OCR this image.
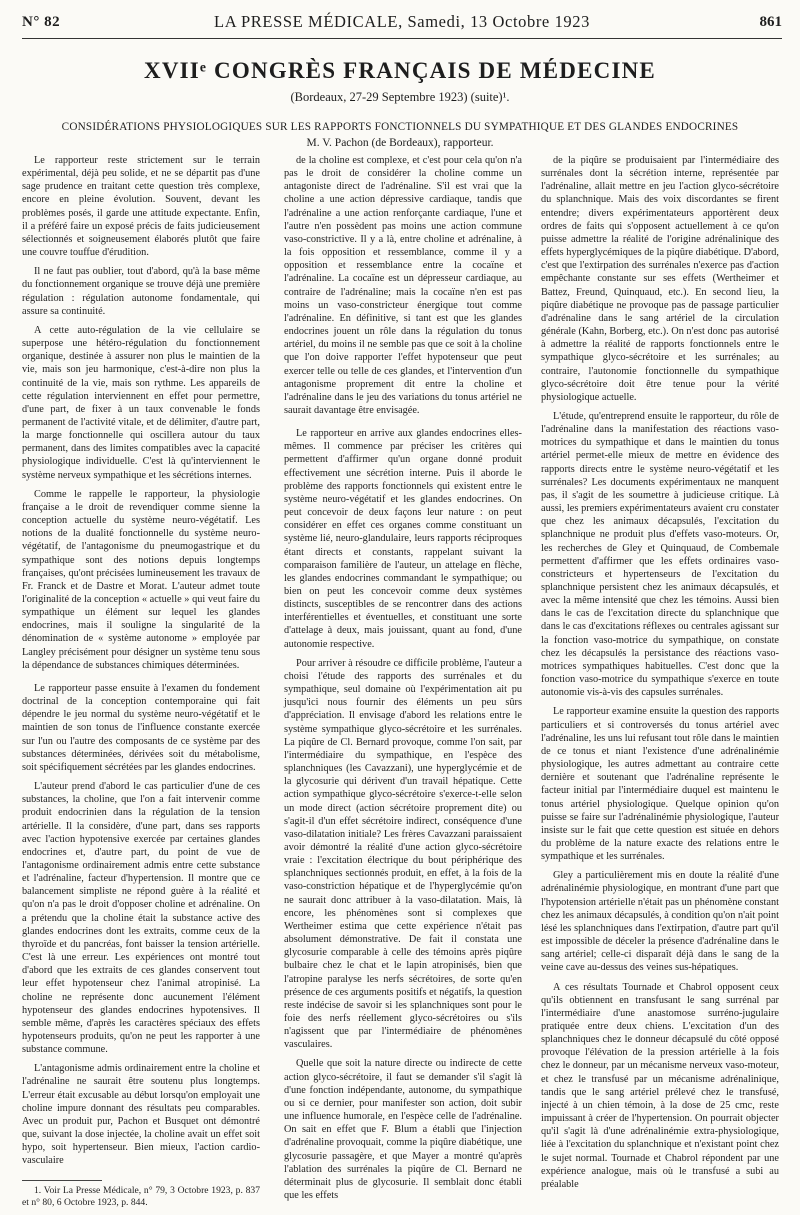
N° 82	LA PRESSE MÉDICALE, Samedi, 13 Octobre 1923	861
XVIIᵉ CONGRÈS FRANÇAIS DE MÉDECINE
(Bordeaux, 27-29 Septembre 1923) (suite)¹.
CONSIDÉRATIONS PHYSIOLOGIQUES SUR LES RAPPORTS FONCTIONNELS DU SYMPATHIQUE ET DES GLANDES ENDOCRINES
M. V. Pachon (de Bordeaux), rapporteur.

Le rapporteur reste strictement sur le terrain expérimental, déjà peu solide, et ne se départit pas d'une sage prudence en traitant cette question très complexe, encore en pleine évolution. Souvent, devant les problèmes posés, il garde une attitude expectante. Enfin, il a préféré faire un exposé précis de faits judicieusement sélectionnés et soigneusement élaborés plutôt que faire une couvre touffue d'érudition.

Il ne faut pas oublier, tout d'abord, qu'à la base même du fonctionnement organique se trouve déjà une première régulation : régulation autonome fondamentale, qui assure sa continuité.

A cette auto-régulation de la vie cellulaire se superpose une hétéro-régulation du fonctionnement organique, destinée à assurer non plus le maintien de la vie, mais son jeu harmonique, c'est-à-dire non plus la continuité de la vie, mais son rythme. Les appareils de cette régulation interviennent en effet pour permettre, d'une part, de fixer à un taux convenable le fonds permanent de l'activité vitale, et de délimiter, d'autre part, la marge fonctionnelle qui oscillera autour du taux permanent, dans des limites compatibles avec la capacité physiologique individuelle. C'est là qu'interviennent le système nerveux sympathique et les sécrétions internes.

Comme le rappelle le rapporteur, la physiologie française a le droit de revendiquer comme sienne la conception actuelle du système neuro-végétatif. Les notions de la dualité fonctionnelle du système neuro-végétatif, de l'antagonisme du pneumogastrique et du sympathique sont des notions depuis longtemps françaises, qu'ont précisées lumineusement les travaux de Fr. Franck et de Dastre et Morat. L'auteur admet toute l'originalité de la conception « actuelle » qui veut faire du sympathique un élément sur lequel les glandes endocrines, mais il souligne la singularité de la dénomination de « système autonome » employée par Langley précisément pour désigner un système tenu sous la dépendance de substances chimiques déterminées.

Le rapporteur passe ensuite à l'examen du fondement doctrinal de la conception contemporaine qui fait dépendre le jeu normal du système neuro-végétatif et le maintien de son tonus de l'influence constante exercée sur l'un ou l'autre des composants de ce système par des substances déterminées, dérivées soit du métabolisme, soit spécifiquement sécrétées par les glandes endocrines.

L'auteur prend d'abord le cas particulier d'une de ces substances, la choline, que l'on a fait intervenir comme produit endocrinien dans la régulation de la tension artérielle. Il la considère, d'une part, dans ses rapports avec l'action hypotensive exercée par certaines glandes endocrines et, d'autre part, du point de vue de l'antagonisme ordinairement admis entre cette substance et l'adrénaline, facteur d'hypertension. Il montre que ce balancement simpliste ne répond guère à la réalité et qu'on n'a pas le droit d'opposer choline et adrénaline. On a prétendu que la choline était la substance active des glandes endocrines dont les extraits, comme ceux de la thyroïde et du pancréas, font baisser la tension artérielle. C'est là une erreur. Les expériences ont montré tout d'abord que les extraits de ces glandes conservent tout leur effet hypotenseur chez l'animal atropinisé. La choline ne représente donc aucunement l'élément hypotenseur des glandes endocrines hypotensives. Il semble même, d'après les caractères spéciaux des effets hypotenseurs produits, qu'on ne peut les rapporter à une substance commune.

L'antagonisme admis ordinairement entre la choline et l'adrénaline ne saurait être soutenu plus longtemps. L'erreur était excusable au début lorsqu'on employait une choline impure donnant des résultats peu comparables. Avec un produit pur, Pachon et Busquet ont démontré que, suivant la dose injectée, la choline avait un effet soit hypo, soit hypertenseur. Bien mieux, l'action cardio-vasculaire

1. Voir La Presse Médicale, n° 79, 3 Octobre 1923, p. 837 et n° 80, 6 Octobre 1923, p. 844.

de la choline est complexe, et c'est pour cela qu'on n'a pas le droit de considérer la choline comme un antagoniste direct de l'adrénaline. S'il est vrai que la choline a une action dépressive cardiaque, tandis que l'adrénaline a une action renforçante cardiaque, l'une et l'autre n'en possèdent pas moins une action commune vaso-constrictive. Il y a là, entre choline et adrénaline, à la fois opposition et ressemblance, comme il y a opposition et ressemblance entre la cocaïne et l'adrénaline. La cocaïne est un dépresseur cardiaque, au contraire de l'adrénaline; mais la cocaïne n'en est pas moins un vaso-constricteur énergique tout comme l'adrénaline. En définitive, si tant est que les glandes endocrines jouent un rôle dans la régulation du tonus artériel, du moins il ne semble pas que ce soit à la choline que l'on doive rapporter l'effet hypotenseur que peut exercer telle ou telle de ces glandes, et l'intervention d'un antagonisme proprement dit entre la choline et l'adrénaline dans le jeu des variations du tonus artériel ne saurait davantage être envisagée.

Le rapporteur en arrive aux glandes endocrines elles-mêmes. Il commence par préciser les critères qui permettent d'affirmer qu'un organe donné produit effectivement une sécrétion interne. Puis il aborde le problème des rapports fonctionnels qui existent entre le système neuro-végétatif et les glandes endocrines. On peut concevoir de deux façons leur nature : on peut considérer en effet ces organes comme constituant un système lié, neuro-glandulaire, leurs rapports réciproques étant directs et constants, rappelant suivant la comparaison familière de l'auteur, un attelage en flèche, les glandes endocrines commandant le sympathique; ou bien on peut les concevoir comme deux systèmes distincts, susceptibles de se rencontrer dans des actions interférentielles et éventuelles, et constituant une sorte d'attelage à deux, mais jouissant, quant au fond, d'une autonomie respective.

Pour arriver à résoudre ce difficile problème, l'auteur a choisi l'étude des rapports des surrénales et du sympathique, seul domaine où l'expérimentation ait pu jusqu'ici nous fournir des éléments un peu sûrs d'appréciation. Il envisage d'abord les relations entre le système sympathique glyco-sécrétoire et les surrénales. La piqûre de Cl. Bernard provoque, comme l'on sait, par l'intermédiaire du sympathique, en l'espèce des splanchniques (les Cavazzani), une hyperglycémie et de la glycosurie qui dérivent d'un travail hépatique. Cette action sympathique glyco-sécrétoire s'exerce-t-elle selon un mode direct (action sécrétoire proprement dite) ou s'agit-il d'un effet sécrétoire indirect, conséquence d'une vaso-dilatation initiale? Les frères Cavazzani paraissaient avoir démontré la réalité d'une action glyco-sécrétoire vraie : l'excitation électrique du bout périphérique des splanchniques sectionnés produit, en effet, à la fois de la vaso-constriction hépatique et de l'hyperglycémie qu'on ne saurait donc attribuer à la vaso-dilatation. Mais, là encore, les phénomènes sont si complexes que Wertheimer estima que cette expérience n'était pas absolument démonstrative. De fait il constata une glycosurie comparable à celle des témoins après piqûre bulbaire chez le chat et le lapin atropinisés, bien que l'atropine paralyse les nerfs sécrétoires, de sorte qu'en présence de ces arguments positifs et négatifs, la question reste indécise de savoir si les splanchniques sont pour le foie des nerfs réellement glyco-sécrétoires ou s'ils n'agissent que par l'intermédiaire de phénomènes vasculaires.

Quelle que soit la nature directe ou indirecte de cette action glyco-sécrétoire, il faut se demander s'il s'agit là d'une fonction indépendante, autonome, du sympathique ou si ce dernier, pour manifester son action, doit subir une influence humorale, en l'espèce celle de l'adrénaline. On sait en effet que F. Blum a établi que l'injection d'adrénaline provoquait, comme la piqûre diabétique, une glycosurie passagère, et que Mayer a montré qu'après l'ablation des surrénales la piqûre de Cl. Bernard ne déterminait plus de glycosurie. Il semblait donc établi que les effets

de la piqûre se produisaient par l'intermédiaire des surrénales dont la sécrétion interne, représentée par l'adrénaline, allait mettre en jeu l'action glyco-sécrétoire du splanchnique. Mais des voix discordantes se firent entendre; divers expérimentateurs apportèrent deux ordres de faits qui s'opposent actuellement à ce qu'on puisse admettre la réalité de l'origine adrénalinique des effets hyperglycémiques de la piqûre diabétique. D'abord, c'est que l'extirpation des surrénales n'exerce pas d'action empêchante constante sur ses effets (Wertheimer et Battez, Freund, Quinquaud, etc.). En second lieu, la piqûre diabétique ne provoque pas de passage particulier d'adrénaline dans le sang artériel de la circulation générale (Kahn, Borberg, etc.). On n'est donc pas autorisé à admettre la réalité de rapports fonctionnels entre le sympathique glyco-sécrétoire et les surrénales; au contraire, l'autonomie fonctionnelle du sympathique glyco-sécrétoire doit être tenue pour la vérité physiologique actuelle.

L'étude, qu'entreprend ensuite le rapporteur, du rôle de l'adrénaline dans la manifestation des réactions vaso-motrices du sympathique et dans le maintien du tonus artériel permet-elle mieux de mettre en évidence des rapports directs entre le système neuro-végétatif et les surrénales? Les documents expérimentaux ne manquent pas, il s'agit de les soumettre à judicieuse critique. Là aussi, les premiers expérimentateurs avaient cru constater que chez les animaux décapsulés, l'excitation du splanchnique ne produit plus d'effets vaso-moteurs. Or, les recherches de Gley et Quinquaud, de Combemale permettent d'affirmer que les effets ordinaires vaso-constricteurs et hypertenseurs de l'excitation du splanchnique persistent chez les animaux décapsulés, et avec la même intensité que chez les témoins. Aussi bien dans le cas de l'excitation directe du splanchnique que dans le cas d'excitations réflexes ou centrales agissant sur la fonction vaso-motrice du sympathique, on constate chez les décapsulés la persistance des réactions vaso-motrices sympathiques habituelles. C'est donc que la fonction vaso-motrice du sympathique s'exerce en toute autonomie vis-à-vis des capsules surrénales.

Le rapporteur examine ensuite la question des rapports particuliers et si controversés du tonus artériel avec l'adrénaline, les uns lui refusant tout rôle dans le maintien de ce tonus et niant l'existence d'une adrénalinémie physiologique, les autres admettant au contraire cette dernière et soutenant que l'adrénaline représente le facteur initial par l'intermédiaire duquel est maintenu le tonus artériel physiologique. Quelque opinion qu'on puisse se faire sur l'adrénalinémie physiologique, l'auteur insiste sur le fait que cette question est située en dehors du problème de la nature exacte des relations entre le sympathique et les surrénales.

Gley a particulièrement mis en doute la réalité d'une adrénalinémie physiologique, en montrant d'une part que l'hypotension artérielle n'était pas un phénomène constant chez les animaux décapsulés, à condition qu'on n'ait point lésé les splanchniques dans l'extirpation, d'autre part qu'il est impossible de déceler la présence d'adrénaline dans le sang artériel; celle-ci disparaît déjà dans le sang de la veine cave au-dessus des veines sus-hépatiques.

A ces résultats Tournade et Chabrol opposent ceux qu'ils obtiennent en transfusant le sang surrénal par l'intermédiaire d'une anastomose surréno-jugulaire pratiquée entre deux chiens. L'excitation d'un des splanchniques chez le donneur décapsulé du côté opposé provoque l'élévation de la pression artérielle à la fois chez le donneur, par un mécanisme nerveux vaso-moteur, et chez le transfusé par un mécanisme adrénalinique, tandis que le sang artériel prélevé chez le transfusé, injecté à un chien témoin, à la dose de 25 cmc, reste impuissant à créer de l'hypertension. On pourrait objecter qu'il s'agit là d'une adrénalinémie extra-physiologique, liée à l'excitation du splanchnique et n'existant point chez le sujet normal. Tournade et Chabrol répondent par une expérience analogue, mais où le transfusé a subi au préalable
